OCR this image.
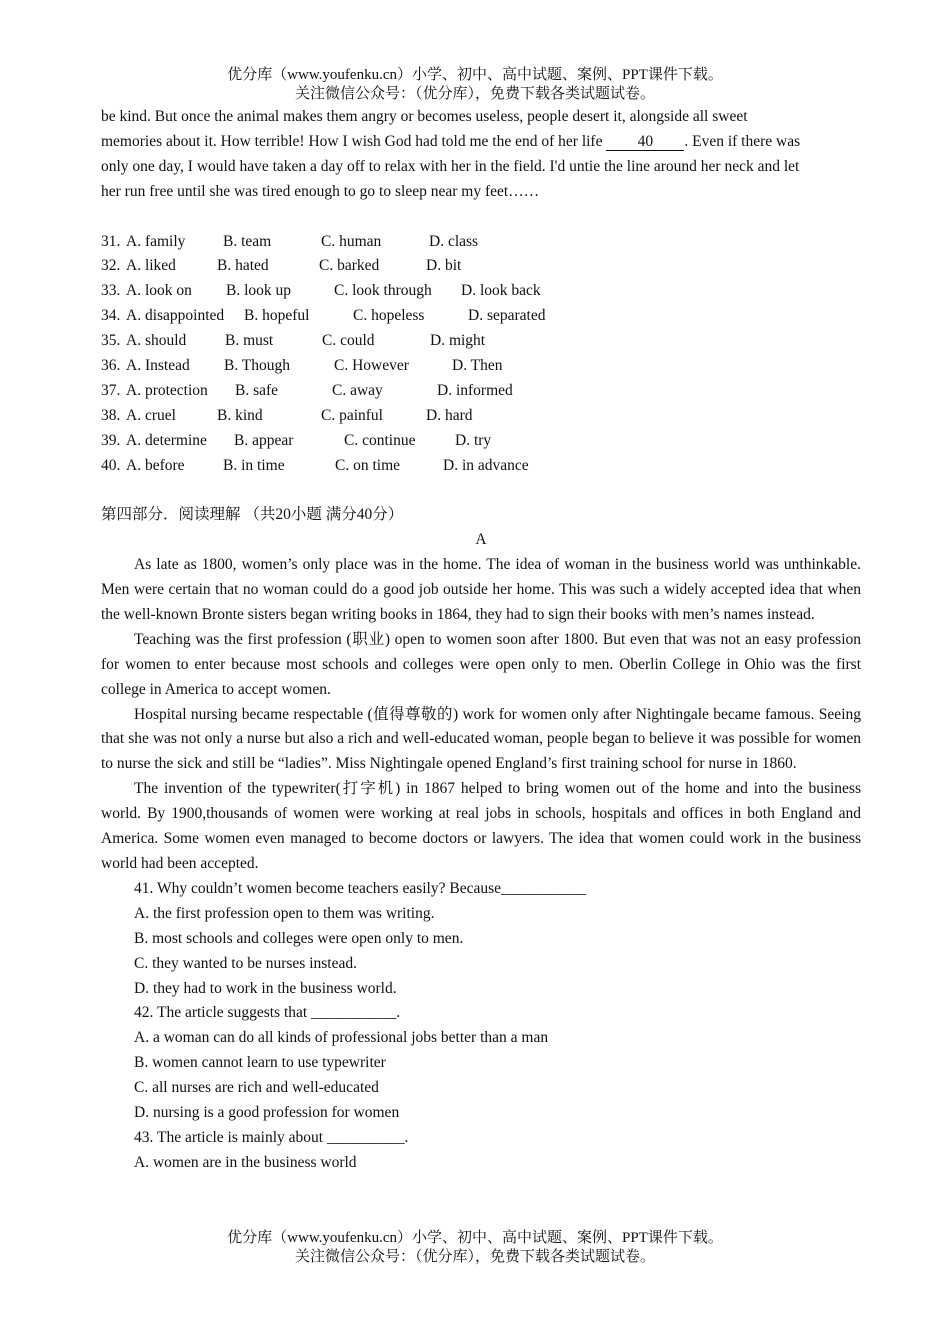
优分库（www.youfenku.cn）小学、初中、高中试题、案例、PPT课件下载。
关注微信公众号：（优分库），免费下载各类试题试卷。
be kind. But once the animal makes them angry or becomes useless, people desert it, alongside all sweet
memories about it. How terrible! How I wish God had told me the end of her life 40 . Even if there was
only one day, I would have taken a day off to relax with her in the field. I'd untie the line around her neck and let
her run free until she was tired enough to go to sleep near my feet……
31. A. family B. team	C. human	D. class
32. A. liked	B. hated	C. barked	D. bit
33. A. look on B. look up	C. look through D. look back
34. A. disappointed B. hopeful	C. hopeless	D. separated
35. A. should B. must	C. could	D. might
36. A. Instead B. Though	C. However	D. Then
37. A. protection B. safe	C. away	D. informed
38. A. cruel	B. kind	C. painful	D. hard
39. A. determine B. appear	C. continue	D. try
40. A. before B. in time	C. on time	D. in advance
第四部分．阅读理解 （共20小题 满分40分）
A

As late as 1800, women’s only place was in the home. The idea of woman in the business world was unthinkable. Men were certain that no woman could do a good job outside her home. This was such a widely accepted idea that when the well-known Bronte sisters began writing books in 1864, they had to sign their books with men’s names instead.

Teaching was the first profession (职业) open to women soon after 1800. But even that was not an easy profession for women to enter because most schools and colleges were open only to men. Oberlin College in Ohio was the first college in America to accept women.

Hospital nursing became respectable (值得尊敬的) work for women only after Nightingale became famous. Seeing that she was not only a nurse but also a rich and well-educated woman, people began to believe it was possible for women to nurse the sick and still be “ladies”. Miss Nightingale opened England’s first training school for nurse in 1860.

The invention of the typewriter(打字机) in 1867 helped to bring women out of the home and into the business world. By 1900,thousands of women were working at real jobs in schools, hospitals and offices in both England and America. Some women even managed to become doctors or lawyers. The idea that women could work in the business world had been accepted.

41. Why couldn’t women become teachers easily? Because___________
A. the first profession open to them was writing.
B. most schools and colleges were open only to men.
C. they wanted to be nurses instead.
D. they had to work in the business world.
42. The article suggests that ___________.
A. a woman can do all kinds of professional jobs better than a man
B. women cannot learn to use typewriter
C. all nurses are rich and well-educated
D. nursing is a good profession for women
43. The article is mainly about __________.
A. women are in the business world
优分库（www.youfenku.cn）小学、初中、高中试题、案例、PPT课件下载。
关注微信公众号：（优分库），免费下载各类试题试卷。
